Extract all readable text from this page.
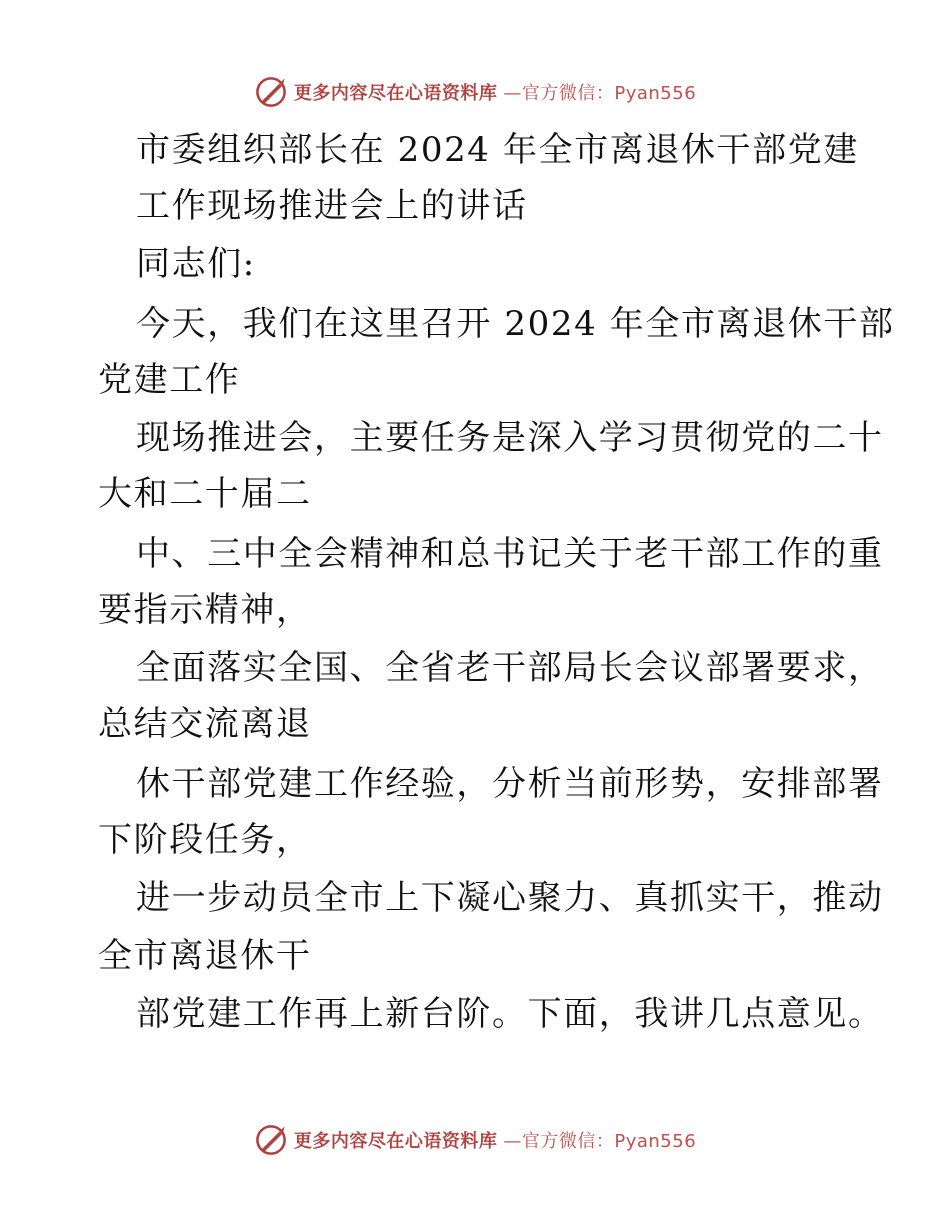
更多内容尽在心语资料库 —官方微信：Pyan556
市委组织部长在 2024 年全市离退休干部党建
工作现场推进会上的讲话
同志们:
今天，我们在这里召开 2024 年全市离退休干部
党建工作
现场推进会，主要任务是深入学习贯彻党的二十
大和二十届二
中、三中全会精神和总书记关于老干部工作的重
要指示精神，
全面落实全国、全省老干部局长会议部署要求，
总结交流离退
休干部党建工作经验，分析当前形势，安排部署
下阶段任务，
进一步动员全市上下凝心聚力、真抓实干，推动
全市离退休干
部党建工作再上新台阶。下面，我讲几点意见。
更多内容尽在心语资料库 —官方微信：Pyan556
